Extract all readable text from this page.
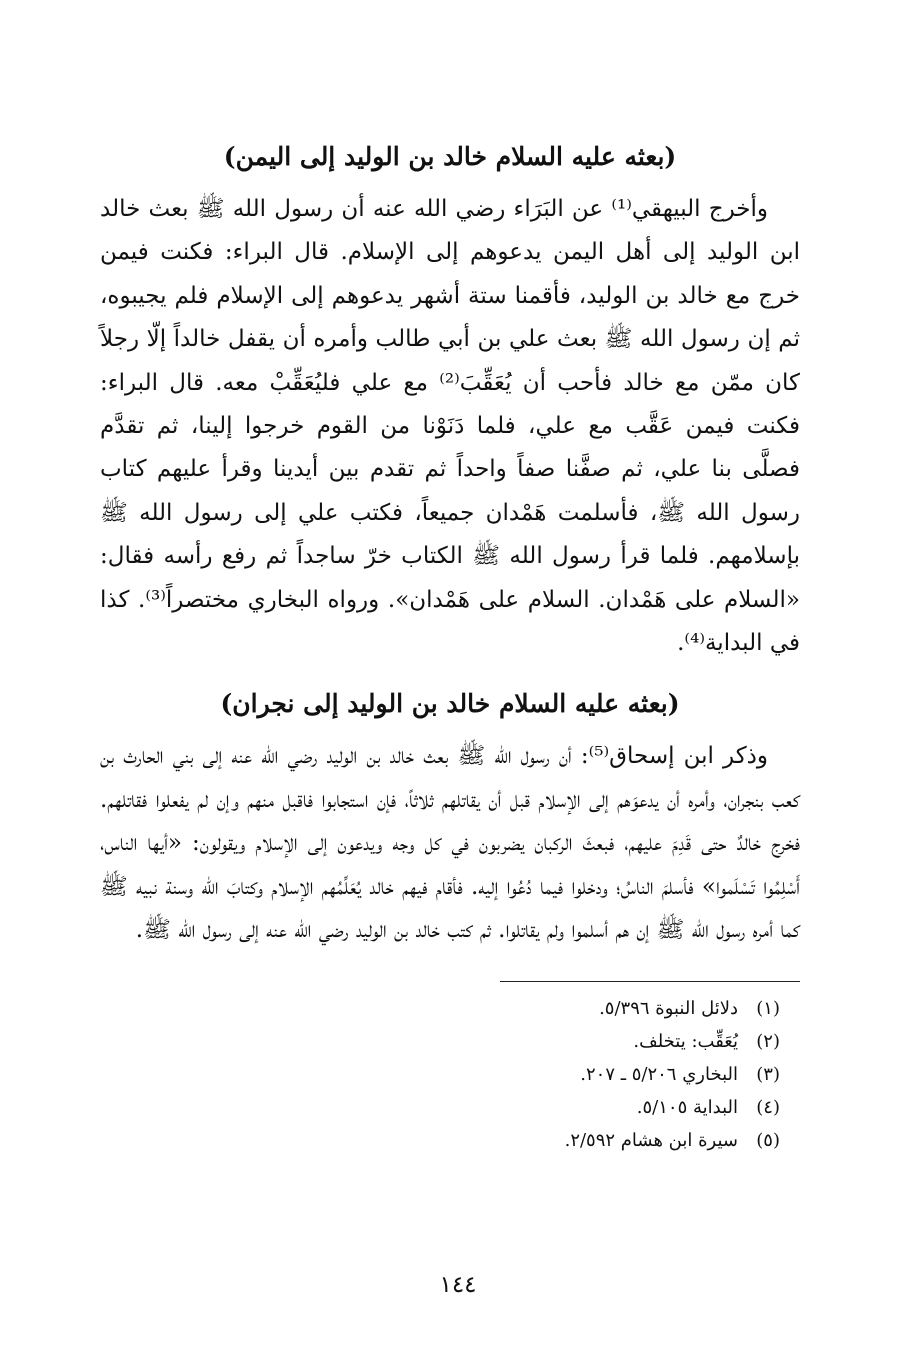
(بعثه عليه السلام خالد بن الوليد إلى اليمن)

وأخرج البيهقي⁽¹⁾ عن البَرَاء رضي الله عنه أن رسول الله ﷺ بعث خالد ابن الوليد إلى أهل اليمن يدعوهم إلى الإسلام. قال البراء: فكنت فيمن خرج مع خالد بن الوليد، فأقمنا ستة أشهر يدعوهم إلى الإسلام فلم يجيبوه، ثم إن رسول الله ﷺ بعث علي بن أبي طالب وأمره أن يقفل خالداً إلّا رجلاً كان ممّن مع خالد فأحب أن يُعَقِّبَ⁽²⁾ مع علي فليُعَقِّبْ معه. قال البراء: فكنت فيمن عَقَّب مع علي، فلما دَنَوْنا من القوم خرجوا إلينا، ثم تقدَّم فصلَّى بنا علي، ثم صفَّنا صفاً واحداً ثم تقدم بين أيدينا وقرأ عليهم كتاب رسول الله ﷺ، فأسلمت هَمْدان جميعاً، فكتب علي إلى رسول الله ﷺ بإسلامهم. فلما قرأ رسول الله ﷺ الكتاب خرّ ساجداً ثم رفع رأسه فقال: «السلام على هَمْدان. السلام على هَمْدان». ورواه البخاري مختصراً⁽³⁾. كذا في البداية⁽⁴⁾.

(بعثه عليه السلام خالد بن الوليد إلى نجران)

وذكر ابن إسحاق⁽⁵⁾: أن رسول الله ﷺ بعث خالد بن الوليد رضي الله عنه إلى بني الحارث بن كعب بنجران، وأمره أن يدعوَهم إلى الإسلام قبل أن يقاتلهم ثلاثاً، فإن استجابوا فاقبل منهم وإن لم يفعلوا فقاتلهم. فخرج خالدٌ حتى قَدِمَ عليهم، فبعثَ الركبان يضربون في كل وجه ويدعون إلى الإسلام ويقولون: «أيها الناس، أَسْلِمُوا تَسْلَموا» فأسلمَ الناسُ؛ ودخلوا فيما دُعُوا إليه. فأقام فيهم خالد يُعَلِّمُهم الإسلام وكتابَ الله وسنة نبيه ﷺ كما أمره رسول الله ﷺ إن هم أسلموا ولم يقاتلوا. ثم كتب خالد بن الوليد رضي الله عنه إلى رسول الله ﷺ.

(١)
دلائل النبوة ٥/٣٩٦.
(٢)
يُعَقِّب: يتخلف.
(٣)
البخاري ٥/٢٠٦ ـ ٢٠٧.
(٤)
البداية ٥/١٠٥.
(٥)
سيرة ابن هشام ٢/٥٩٢.
١٤٤
